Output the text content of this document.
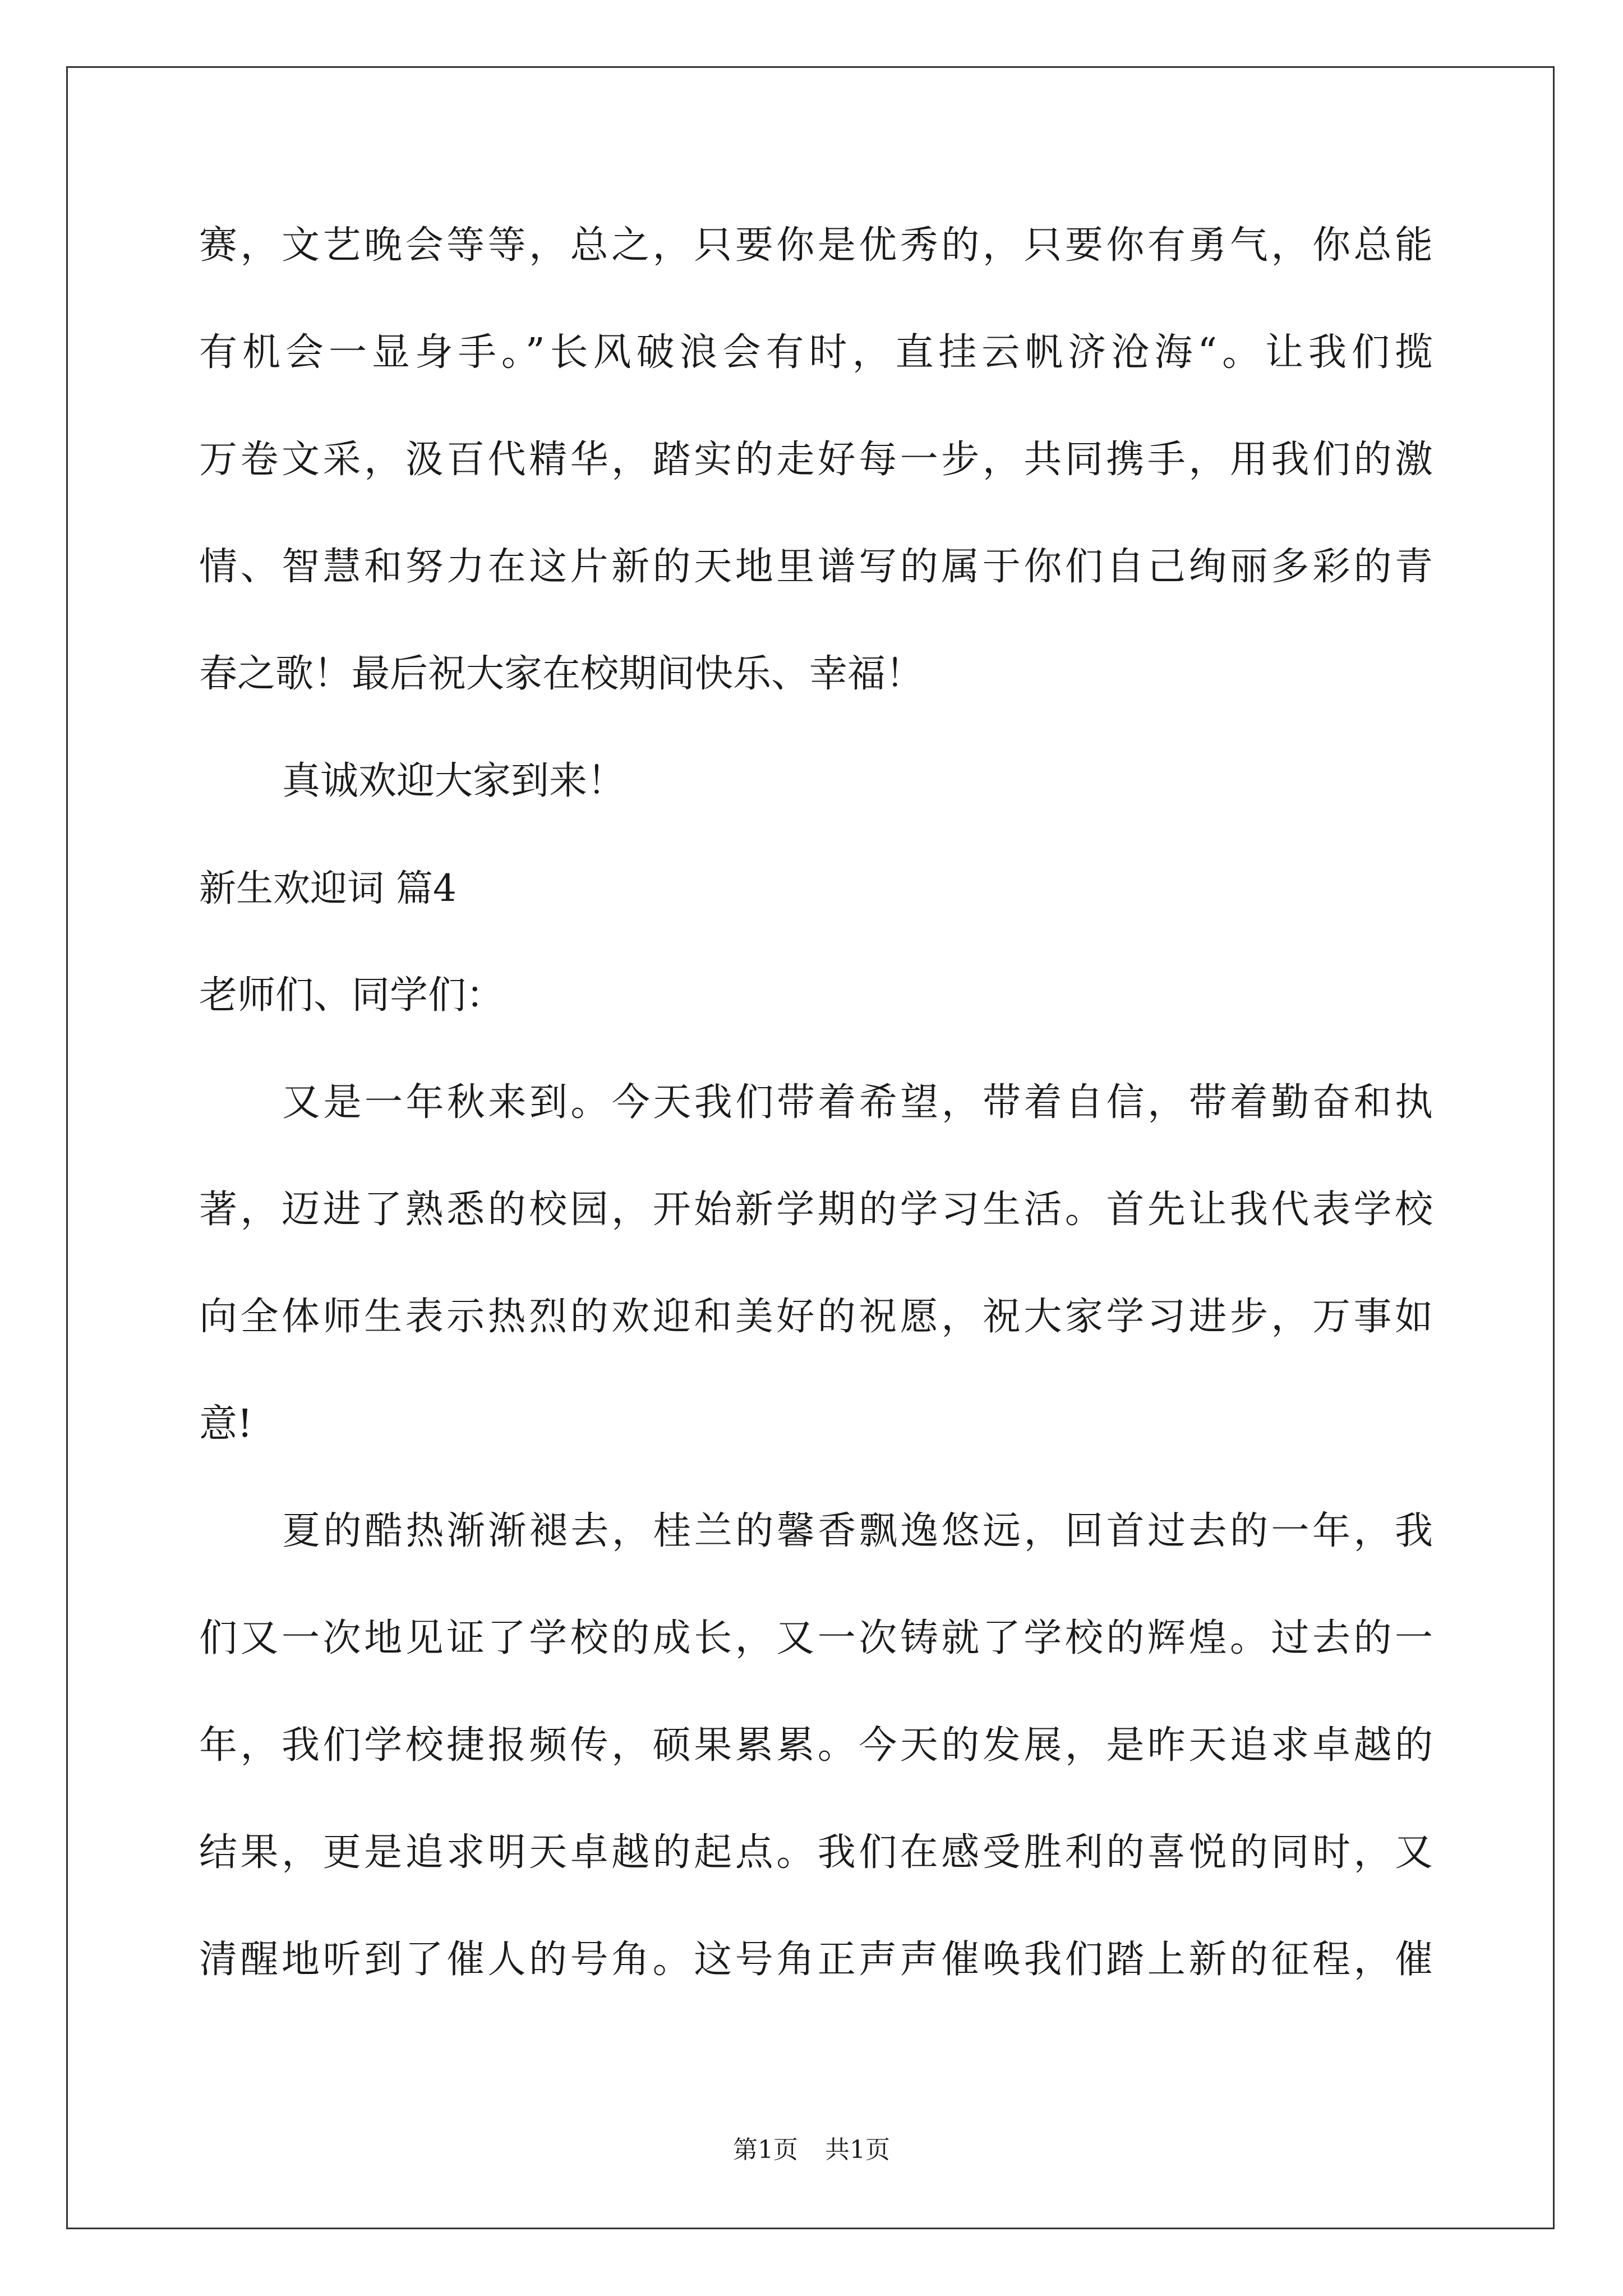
赛，文艺晚会等等，总之，只要你是优秀的，只要你有勇气，你总能
有机会一显身手。”长风破浪会有时，直挂云帆济沧海“。让我们揽
万卷文采，汲百代精华，踏实的走好每一步，共同携手，用我们的激
情、智慧和努力在这片新的天地里谱写的属于你们自己绚丽多彩的青
春之歌！最后祝大家在校期间快乐、幸福！
真诚欢迎大家到来！
新生欢迎词 篇4
老师们、同学们：
又是一年秋来到。今天我们带着希望，带着自信，带着勤奋和执
著，迈进了熟悉的校园，开始新学期的学习生活。首先让我代表学校
向全体师生表示热烈的欢迎和美好的祝愿，祝大家学习进步，万事如
意!
夏的酷热渐渐褪去，桂兰的馨香飘逸悠远，回首过去的一年，我
们又一次地见证了学校的成长，又一次铸就了学校的辉煌。过去的一
年，我们学校捷报频传，硕果累累。今天的发展，是昨天追求卓越的
结果，更是追求明天卓越的起点。我们在感受胜利的喜悦的同时，又
清醒地听到了催人的号角。这号角正声声催唤我们踏上新的征程，催
第1页 共1页
